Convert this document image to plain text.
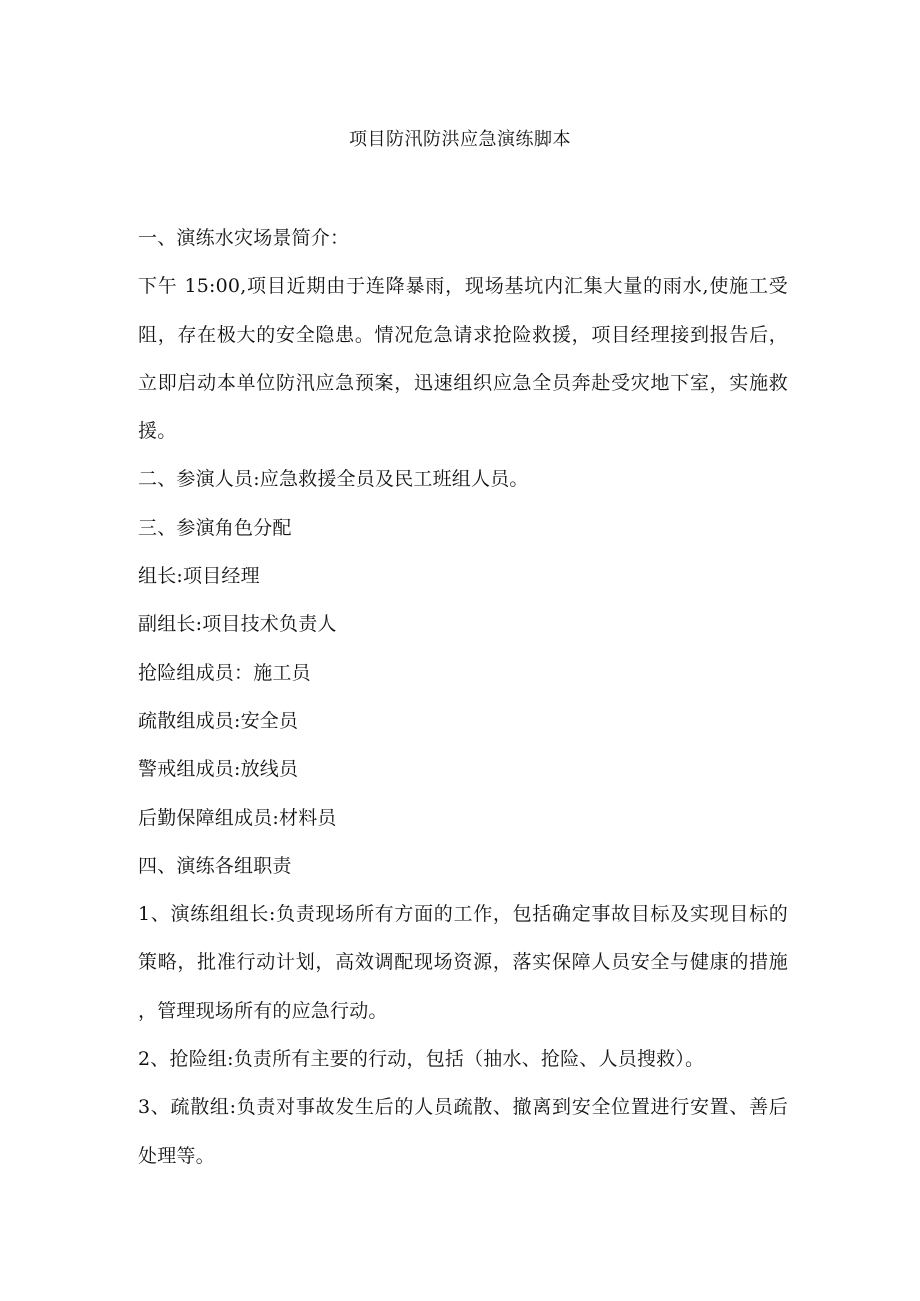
项目防汛防洪应急演练脚本

一、演练水灾场景简介：

下午 15:00,项目近期由于连降暴雨，现场基坑内汇集大量的雨水,使施工受阻，存在极大的安全隐患。情况危急请求抢险救援，项目经理接到报告后，立即启动本单位防汛应急预案，迅速组织应急全员奔赴受灾地下室，实施救援。

二、参演人员:应急救援全员及民工班组人员。

三、参演角色分配

组长:项目经理

副组长:项目技术负责人

抢险组成员：施工员

疏散组成员:安全员

警戒组成员:放线员

后勤保障组成员:材料员

四、演练各组职责

1、演练组组长:负责现场所有方面的工作，包括确定事故目标及实现目标的策略，批准行动计划，高效调配现场资源，落实保障人员安全与健康的措施，管理现场所有的应急行动。

2、抢险组:负责所有主要的行动，包括（抽水、抢险、人员搜救）。

3、疏散组:负责对事故发生后的人员疏散、撤离到安全位置进行安置、善后处理等。
